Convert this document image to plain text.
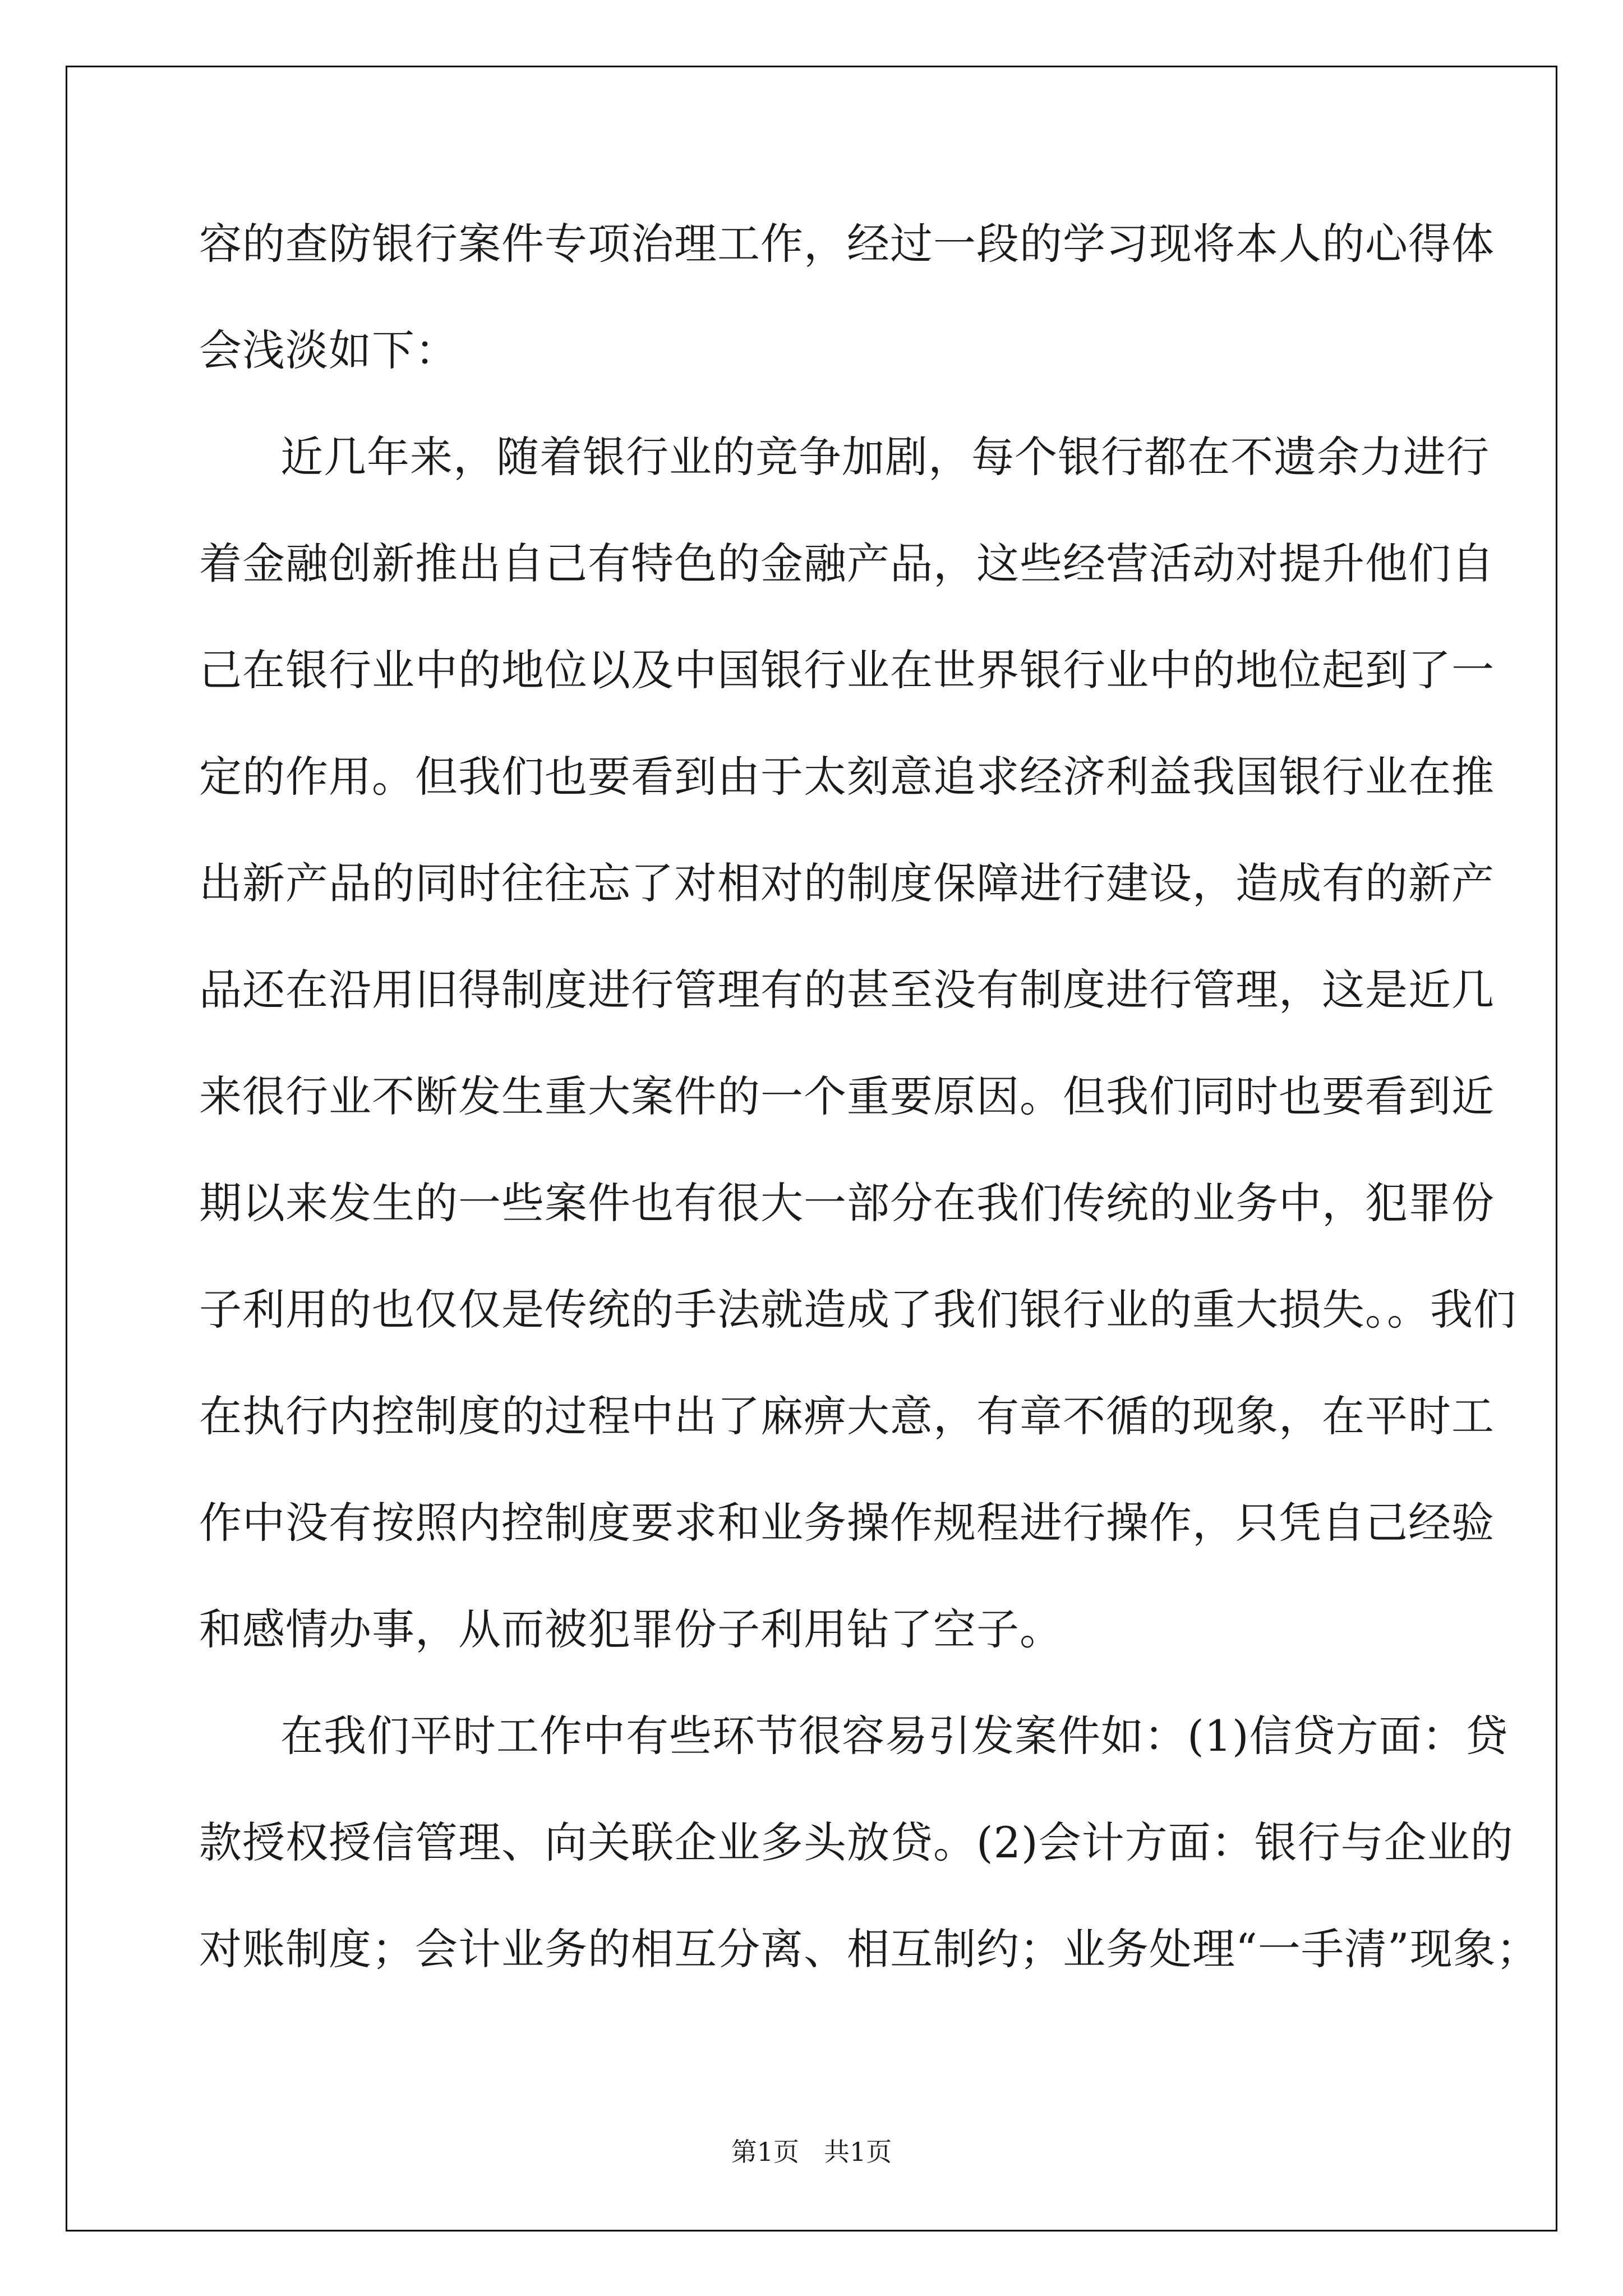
容的查防银行案件专项治理工作，经过一段的学习现将本人的心得体
会浅淡如下：
近几年来，随着银行业的竞争加剧，每个银行都在不遗余力进行
着金融创新推出自己有特色的金融产品，这些经营活动对提升他们自
己在银行业中的地位以及中国银行业在世界银行业中的地位起到了一
定的作用。但我们也要看到由于太刻意追求经济利益我国银行业在推
出新产品的同时往往忘了对相对的制度保障进行建设，造成有的新产
品还在沿用旧得制度进行管理有的甚至没有制度进行管理，这是近几
来很行业不断发生重大案件的一个重要原因。但我们同时也要看到近
期以来发生的一些案件也有很大一部分在我们传统的业务中，犯罪份
子利用的也仅仅是传统的手法就造成了我们银行业的重大损失。。我们
在执行内控制度的过程中出了麻痹大意，有章不循的现象，在平时工
作中没有按照内控制度要求和业务操作规程进行操作，只凭自己经验
和感情办事，从而被犯罪份子利用钻了空子。
在我们平时工作中有些环节很容易引发案件如：(1)信贷方面：贷
款授权授信管理、向关联企业多头放贷。(2)会计方面：银行与企业的
对账制度；会计业务的相互分离、相互制约；业务处理“一手清”现象；
第1页 共1页
